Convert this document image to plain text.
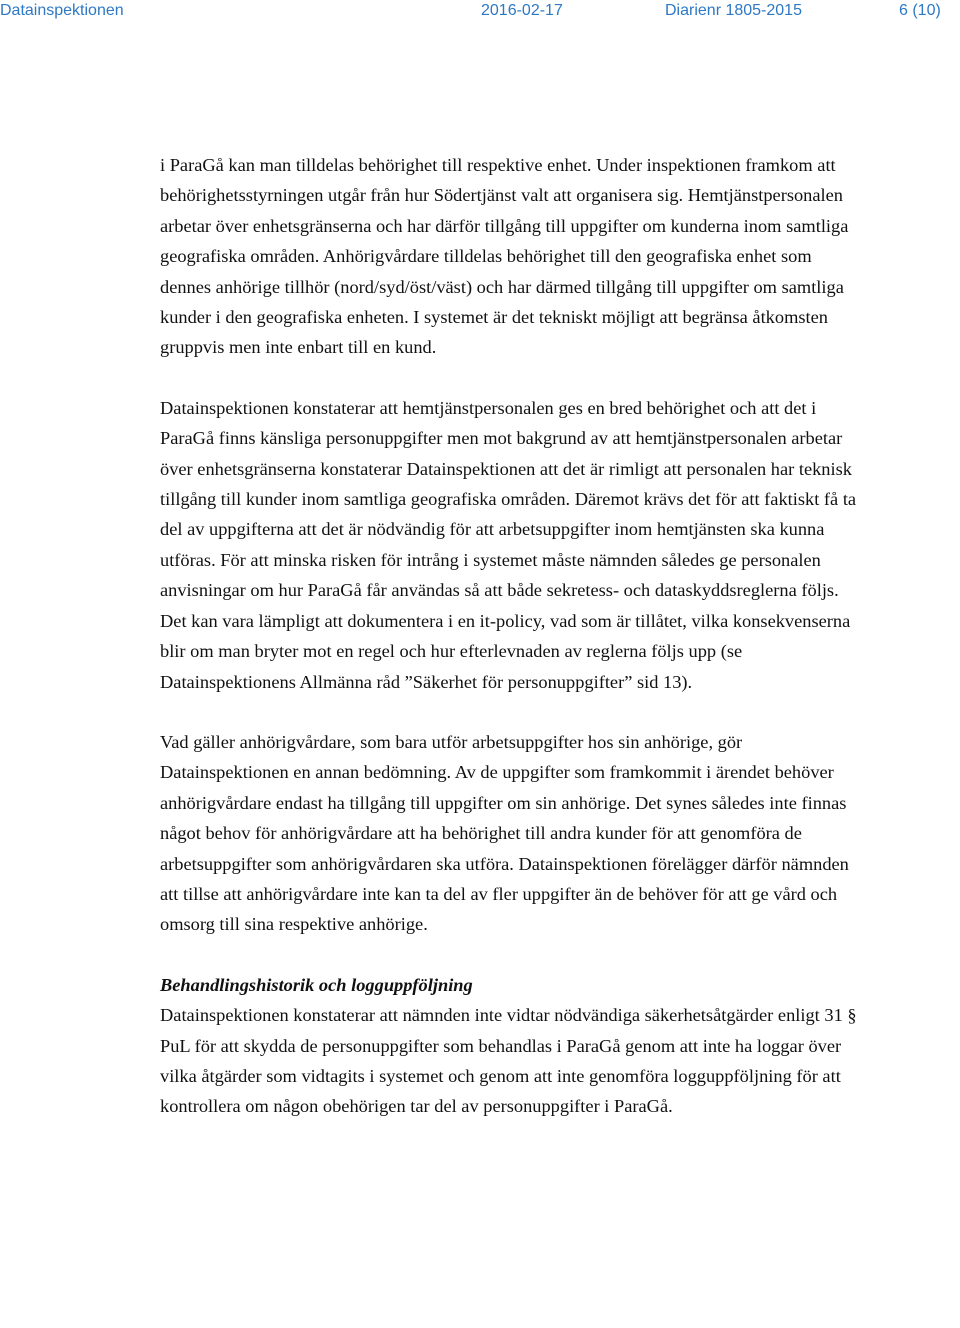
Datainspektionen	2016-02-17	Diarienr 1805-2015	6 (10)

i ParaGå kan man tilldelas behörighet till respektive enhet. Under inspektionen framkom att behörighetsstyrningen utgår från hur Södertjänst valt att organisera sig. Hemtjänstpersonalen arbetar över enhetsgränserna och har därför tillgång till uppgifter om kunderna inom samtliga geografiska områden. Anhörigvårdare tilldelas behörighet till den geografiska enhet som dennes anhörige tillhör (nord/syd/öst/väst) och har därmed tillgång till uppgifter om samtliga kunder i den geografiska enheten. I systemet är det tekniskt möjligt att begränsa åtkomsten gruppvis men inte enbart till en kund.

Datainspektionen konstaterar att hemtjänstpersonalen ges en bred behörighet och att det i ParaGå finns känsliga personuppgifter men mot bakgrund av att hemtjänstpersonalen arbetar över enhetsgränserna konstaterar Datainspektionen att det är rimligt att personalen har teknisk tillgång till kunder inom samtliga geografiska områden. Däremot krävs det för att faktiskt få ta del av uppgifterna att det är nödvändig för att arbetsuppgifter inom hemtjänsten ska kunna utföras. För att minska risken för intrång i systemet måste nämnden således ge personalen anvisningar om hur ParaGå får användas så att både sekretess- och dataskyddsreglerna följs. Det kan vara lämpligt att dokumentera i en it-policy, vad som är tillåtet, vilka konsekvenserna blir om man bryter mot en regel och hur efterlevnaden av reglerna följs upp (se Datainspektionens Allmänna råd ”Säkerhet för personuppgifter” sid 13).

Vad gäller anhörigvårdare, som bara utför arbetsuppgifter hos sin anhörige, gör Datainspektionen en annan bedömning. Av de uppgifter som framkommit i ärendet behöver anhörigvårdare endast ha tillgång till uppgifter om sin anhörige. Det synes således inte finnas något behov för anhörigvårdare att ha behörighet till andra kunder för att genomföra de arbetsuppgifter som anhörigvårdaren ska utföra. Datainspektionen förelägger därför nämnden att tillse att anhörigvårdare inte kan ta del av fler uppgifter än de behöver för att ge vård och omsorg till sina respektive anhörige.

Behandlingshistorik och logguppföljning

Datainspektionen konstaterar att nämnden inte vidtar nödvändiga säkerhetsåtgärder enligt 31 § PuL för att skydda de personuppgifter som behandlas i ParaGå genom att inte ha loggar över vilka åtgärder som vidtagits i systemet och genom att inte genomföra logguppföljning för att kontrollera om någon obehörigen tar del av personuppgifter i ParaGå.
